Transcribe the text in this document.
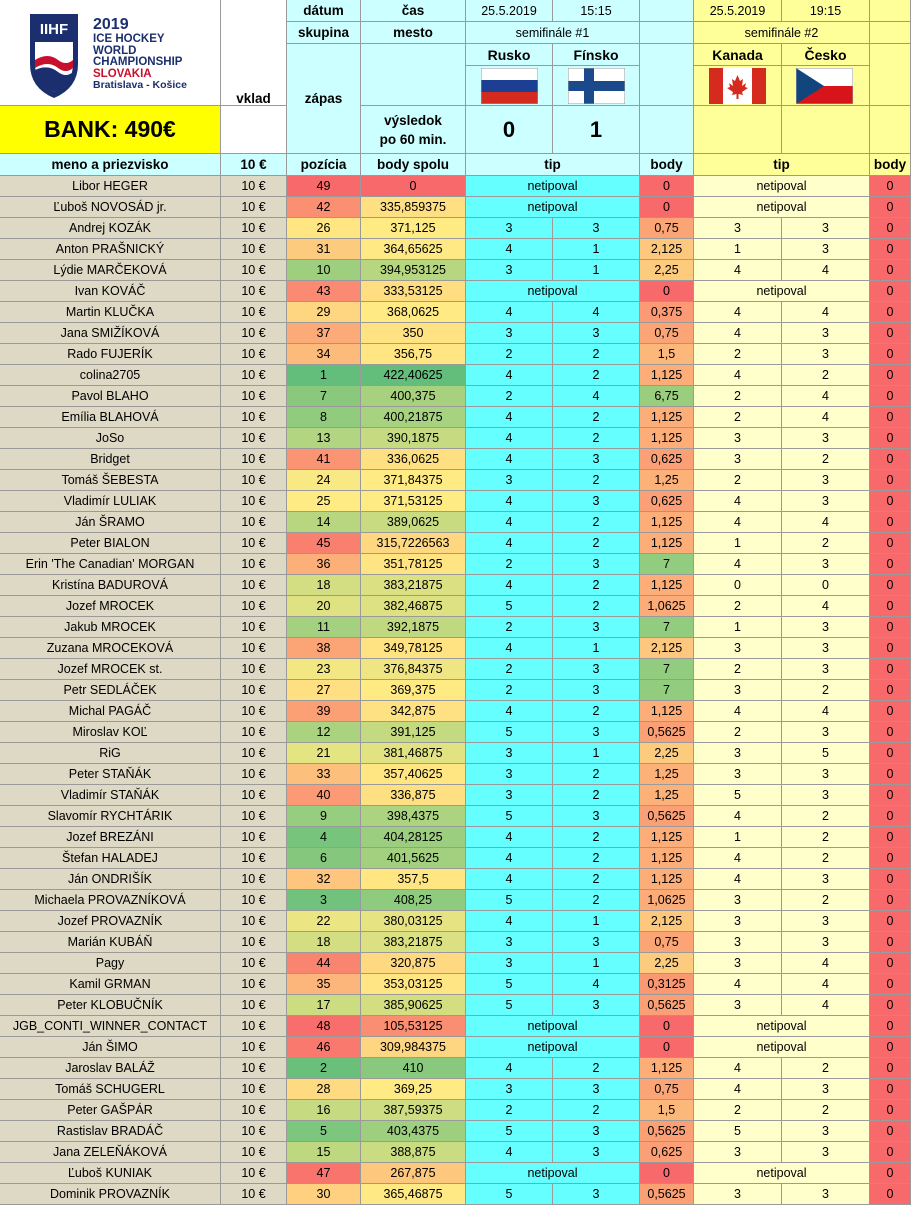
IIHF 2019
ICE HOCKEY
WORLD
CHAMPIONSHIP
SLOVAKIA
Bratislava - Košice
BANK: 490€
vklad
dátum	čas
skupina	mesto
zápas
výsledok
po 60 min.
25.5.2019	15:15
semifinále #1
Rusko	Fínsko
0	1
25.5.2019	19:15
semifinále #2
Kanada	Česko
meno a priezvisko	10 €	pozícia	body spolu	tip	body	tip	body
Libor HEGER	10 €	49	0	netipoval	0	netipoval	0
Ľuboš NOVOSÁD jr.	10 €	42	335,859375	netipoval	0	netipoval	0
Andrej KOZÁK	10 €	26	371,125	3	3	0,75	3	3	0
Anton PRAŠNICKÝ	10 €	31	364,65625	4	1	2,125	1	3	0
Lýdie MARČEKOVÁ	10 €	10	394,953125	3	1	2,25	4	4	0
Ivan KOVÁČ	10 €	43	333,53125	netipoval	0	netipoval	0
Martin KLUČKA	10 €	29	368,0625	4	4	0,375	4	4	0
Jana SMIŽÍKOVÁ	10 €	37	350	3	3	0,75	4	3	0
Rado FUJERÍK	10 €	34	356,75	2	2	1,5	2	3	0
colina2705	10 €	1	422,40625	4	2	1,125	4	2	0
Pavol BLAHO	10 €	7	400,375	2	4	6,75	2	4	0
Emília BLAHOVÁ	10 €	8	400,21875	4	2	1,125	2	4	0
JoSo	10 €	13	390,1875	4	2	1,125	3	3	0
Bridget	10 €	41	336,0625	4	3	0,625	3	2	0
Tomáš ŠEBESTA	10 €	24	371,84375	3	2	1,25	2	3	0
Vladimír LULIAK	10 €	25	371,53125	4	3	0,625	4	3	0
Ján ŠRAMO	10 €	14	389,0625	4	2	1,125	4	4	0
Peter BIALON	10 €	45	315,7226563	4	2	1,125	1	2	0
Erin 'The Canadian' MORGAN	10 €	36	351,78125	2	3	7	4	3	0
Kristína BADUROVÁ	10 €	18	383,21875	4	2	1,125	0	0	0
Jozef MROCEK	10 €	20	382,46875	5	2	1,0625	2	4	0
Jakub MROCEK	10 €	11	392,1875	2	3	7	1	3	0
Zuzana MROCEKOVÁ	10 €	38	349,78125	4	1	2,125	3	3	0
Jozef MROCEK st.	10 €	23	376,84375	2	3	7	2	3	0
Petr SEDLÁČEK	10 €	27	369,375	2	3	7	3	2	0
Michal PAGÁČ	10 €	39	342,875	4	2	1,125	4	4	0
Miroslav KOĽ	10 €	12	391,125	5	3	0,5625	2	3	0
RiG	10 €	21	381,46875	3	1	2,25	3	5	0
Peter STAŇÁK	10 €	33	357,40625	3	2	1,25	3	3	0
Vladimír STAŇÁK	10 €	40	336,875	3	2	1,25	5	3	0
Slavomír RYCHTÁRIK	10 €	9	398,4375	5	3	0,5625	4	2	0
Jozef BREZÁNI	10 €	4	404,28125	4	2	1,125	1	2	0
Štefan HALADEJ	10 €	6	401,5625	4	2	1,125	4	2	0
Ján ONDRIŠÍK	10 €	32	357,5	4	2	1,125	4	3	0
Michaela PROVAZNÍKOVÁ	10 €	3	408,25	5	2	1,0625	3	2	0
Jozef PROVAZNÍK	10 €	22	380,03125	4	1	2,125	3	3	0
Marián KUBÁŇ	10 €	18	383,21875	3	3	0,75	3	3	0
Pagy	10 €	44	320,875	3	1	2,25	3	4	0
Kamil GRMAN	10 €	35	353,03125	5	4	0,3125	4	4	0
Peter KLOBUČNÍK	10 €	17	385,90625	5	3	0,5625	3	4	0
JGB_CONTI_WINNER_CONTACT	10 €	48	105,53125	netipoval	0	netipoval	0
Ján ŠIMO	10 €	46	309,984375	netipoval	0	netipoval	0
Jaroslav BALÁŽ	10 €	2	410	4	2	1,125	4	2	0
Tomáš SCHUGERL	10 €	28	369,25	3	3	0,75	4	3	0
Peter GAŠPÁR	10 €	16	387,59375	2	2	1,5	2	2	0
Rastislav BRADÁČ	10 €	5	403,4375	5	3	0,5625	5	3	0
Jana ZELEŇÁKOVÁ	10 €	15	388,875	4	3	0,625	3	3	0
Ľuboš KUNIAK	10 €	47	267,875	netipoval	0	netipoval	0
Dominik PROVAZNÍK	10 €	30	365,46875	5	3	0,5625	3	3	0
